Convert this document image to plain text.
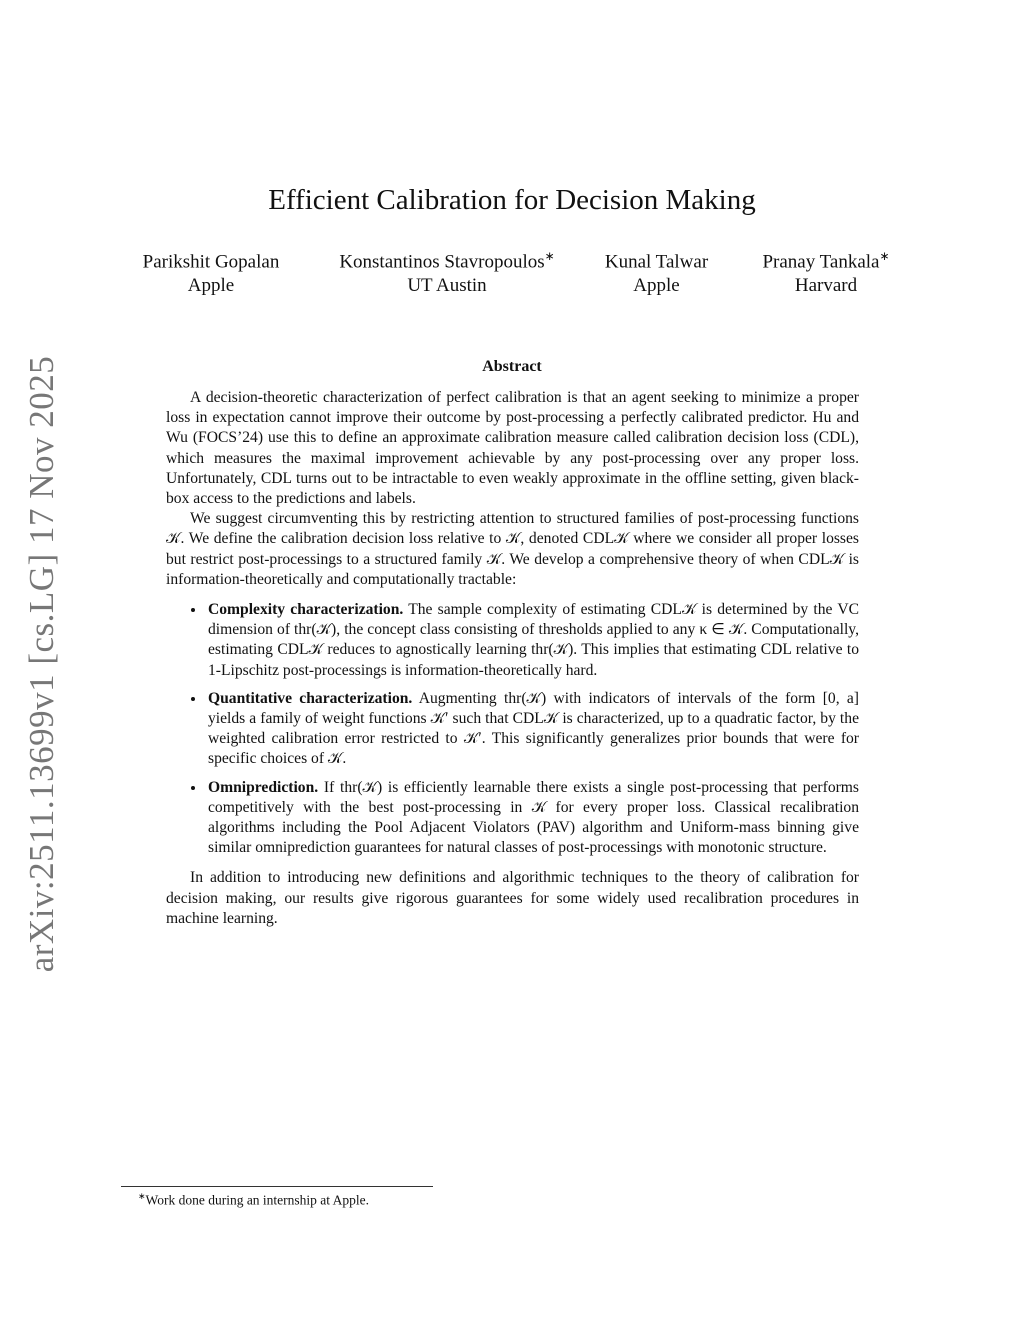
arXiv:2511.13699v1 [cs.LG] 17 Nov 2025
Efficient Calibration for Decision Making
Parikshit Gopalan
Apple
Konstantinos Stavropoulos∗
UT Austin
Kunal Talwar
Apple
Pranay Tankala∗
Harvard
Abstract

A decision-theoretic characterization of perfect calibration is that an agent seeking to minimize a proper loss in expectation cannot improve their outcome by post-processing a perfectly calibrated predictor. Hu and Wu (FOCS’24) use this to define an approximate calibration measure called calibration decision loss (CDL), which measures the maximal improvement achievable by any post-processing over any proper loss. Unfortunately, CDL turns out to be intractable to even weakly approximate in the offline setting, given black-box access to the predictions and labels.

We suggest circumventing this by restricting attention to structured families of post-processing functions 𝒦. We define the calibration decision loss relative to 𝒦, denoted CDL𝒦 where we consider all proper losses but restrict post-processings to a structured family 𝒦. We develop a comprehensive theory of when CDL𝒦 is information-theoretically and computationally tractable:

• Complexity characterization. The sample complexity of estimating CDL𝒦 is determined by the VC dimension of thr(𝒦), the concept class consisting of thresholds applied to any κ ∈ 𝒦. Computationally, estimating CDL𝒦 reduces to agnostically learning thr(𝒦). This implies that estimating CDL relative to 1-Lipschitz post-processings is information-theoretically hard.
• Quantitative characterization. Augmenting thr(𝒦) with indicators of intervals of the form [0, a] yields a family of weight functions 𝒦′ such that CDL𝒦 is characterized, up to a quadratic factor, by the weighted calibration error restricted to 𝒦′. This significantly generalizes prior bounds that were for specific choices of 𝒦.
• Omniprediction. If thr(𝒦) is efficiently learnable there exists a single post-processing that performs competitively with the best post-processing in 𝒦 for every proper loss. Classical recalibration algorithms including the Pool Adjacent Violators (PAV) algorithm and Uniform-mass binning give similar omniprediction guarantees for natural classes of post-processings with monotonic structure.

In addition to introducing new definitions and algorithmic techniques to the theory of calibration for decision making, our results give rigorous guarantees for some widely used recalibration procedures in machine learning.

∗Work done during an internship at Apple.
